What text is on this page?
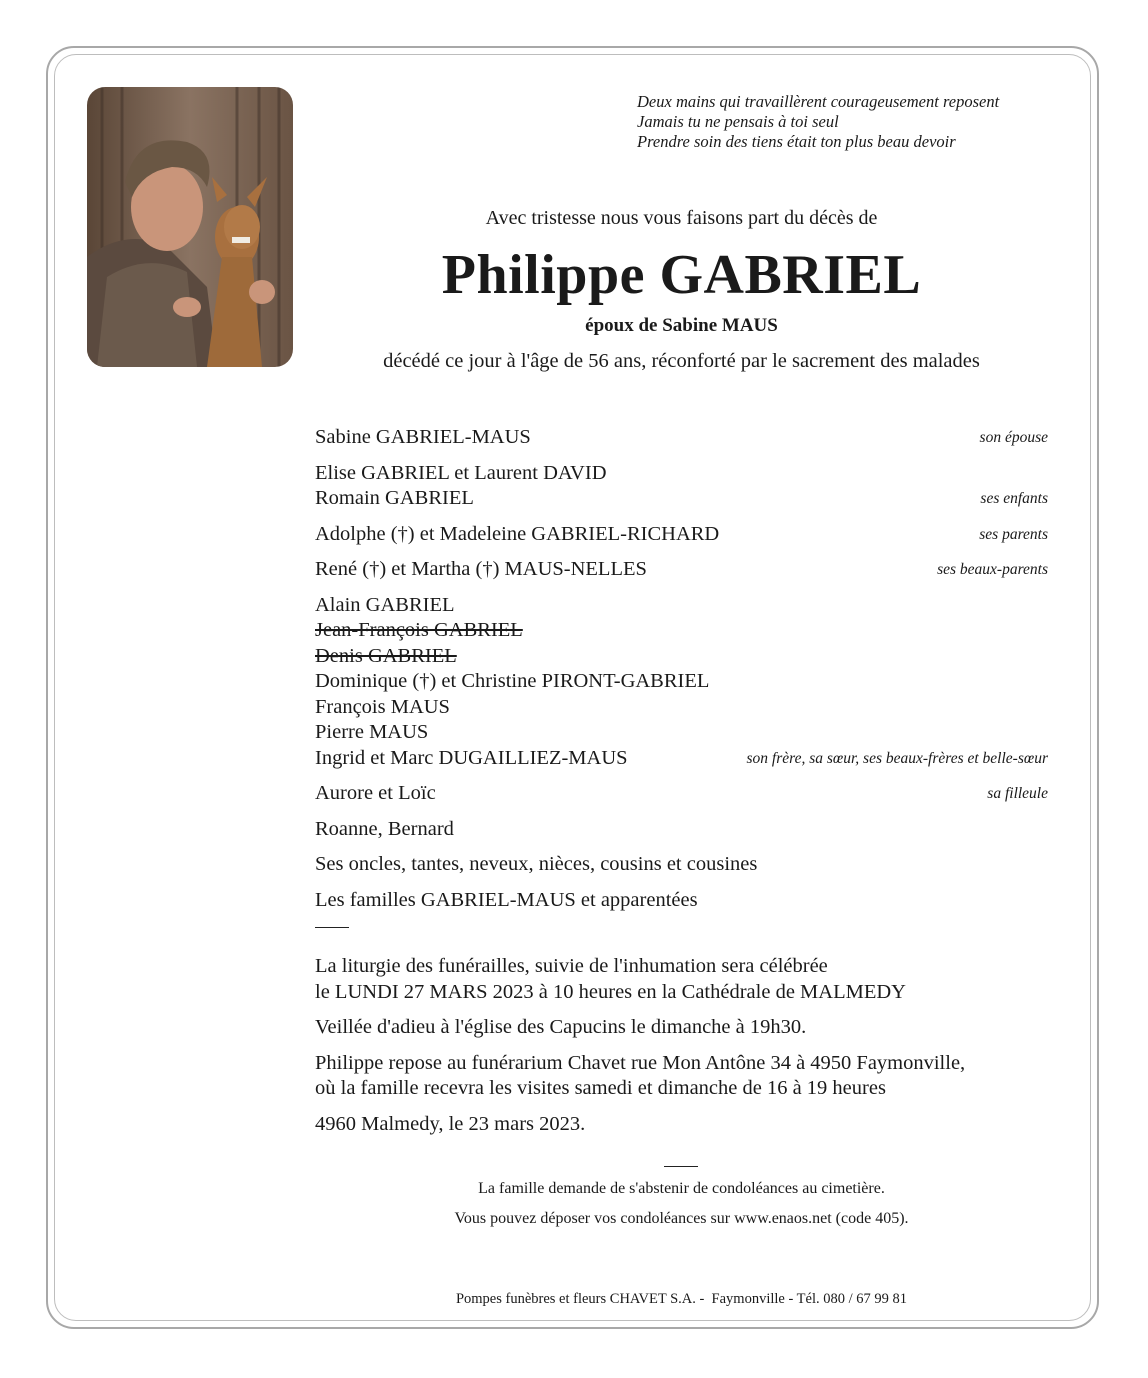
Deux mains qui travaillèrent courageusement reposent
Jamais tu ne pensais à toi seul
Prendre soin des tiens était ton plus beau devoir
Avec tristesse nous vous faisons part du décès de
Philippe GABRIEL
époux de Sabine MAUS
décédé ce jour à l'âge de 56 ans, réconforté par le sacrement des malades
Sabine GABRIEL-MAUS	son épouse
Elise GABRIEL et Laurent DAVID
Romain GABRIEL	ses enfants
Adolphe (†) et Madeleine GABRIEL-RICHARD	ses parents
René (†) et Martha (†) MAUS-NELLES	ses beaux-parents
Alain GABRIEL
Jean-François GABRIEL
Denis GABRIEL
Dominique (†) et Christine PIRONT-GABRIEL
François MAUS
Pierre MAUS
Ingrid et Marc DUGAILLIEZ-MAUS	son frère, sa sœur, ses beaux-frères et belle-sœur
Aurore et Loïc	sa filleule
Roanne, Bernard
Ses oncles, tantes, neveux, nièces, cousins et cousines
Les familles GABRIEL-MAUS et apparentées
La liturgie des funérailles, suivie de l'inhumation sera célébrée
le LUNDI 27 MARS 2023 à 10 heures en la Cathédrale de MALMEDY
Veillée d'adieu à l'église des Capucins le dimanche à 19h30.
Philippe repose au funérarium Chavet rue Mon Antône 34 à 4950 Faymonville,
où la famille recevra les visites samedi et dimanche de 16 à 19 heures
4960 Malmedy, le 23 mars 2023.
La famille demande de s'abstenir de condoléances au cimetière.
Vous pouvez déposer vos condoléances sur www.enaos.net (code 405).
Pompes funèbres et fleurs CHAVET S.A. -  Faymonville - Tél. 080 / 67 99 81
